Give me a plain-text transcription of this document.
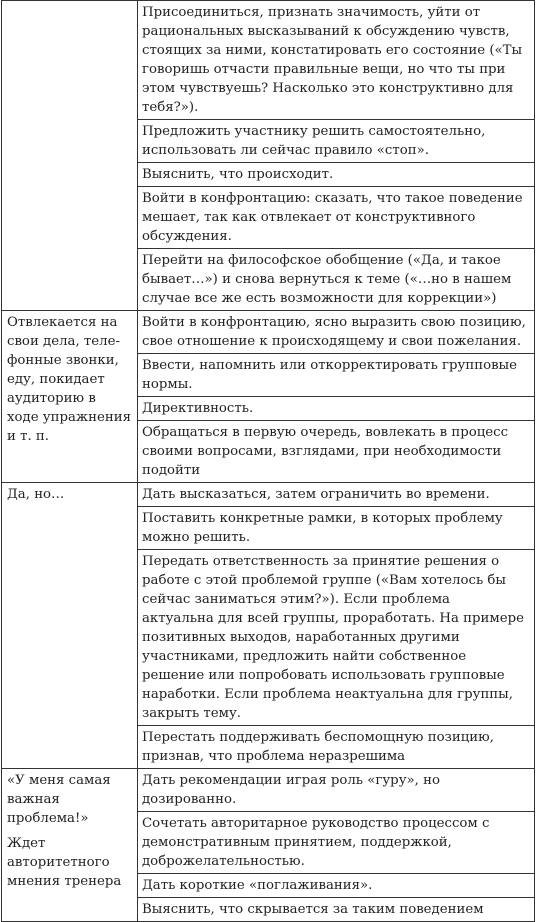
	Присоединиться, признать значимость, уйти от рациональных высказываний к обсуждению чувств, стоящих за ними, констатировать его состояние («Ты говоришь отчасти правильные вещи, но что ты при этом чувствуешь? Насколько это конструктивно для тебя?»).
Предложить участнику решить самостоятельно, использовать ли сейчас правило «стоп».
Выяснить, что происходит.
Войти в конфронтацию: сказать, что такое поведение мешает, так как отвлекает от конструктивного обсуждения.
Перейти на философское обобщение («Да, и такое бывает…») и снова вернуться к теме («…но в нашем случае все же есть возможности для коррекции»)

Отвлекается на свои дела, телефонные звонки, еду, покидает аудиторию в ходе упражнения и т. п.	Войти в конфронтацию, ясно выразить свою позицию, свое отношение к происходящему и свои пожелания.
Ввести, напомнить или откорректировать групповые нормы.
Директивность.
Обращаться в первую очередь, вовлекать в процесс своими вопросами, взглядами, при необходимости подойти

Да, но…	Дать высказаться, затем ограничить во времени.
Поставить конкретные рамки, в которых проблему можно решить.
Передать ответственность за принятие решения о работе с этой проблемой группе («Вам хотелось бы сейчас заниматься этим?»). Если проблема актуальна для всей группы, проработать. На примере позитивных выходов, наработанных другими участниками, предложить найти собственное решение или попробовать использовать групповые наработки. Если проблема неактуальна для группы, закрыть тему.
Перестать поддерживать беспомощную позицию, признав, что проблема неразрешима

«У меня самая важная проблема!»
Ждет авторитетного мнения тренера	Дать рекомендации играя роль «гуру», но дозированно.
Сочетать авторитарное руководство процессом с демонстративным принятием, поддержкой, доброжелательностью.
Дать короткие «поглаживания».
Выяснить, что скрывается за таким поведением
